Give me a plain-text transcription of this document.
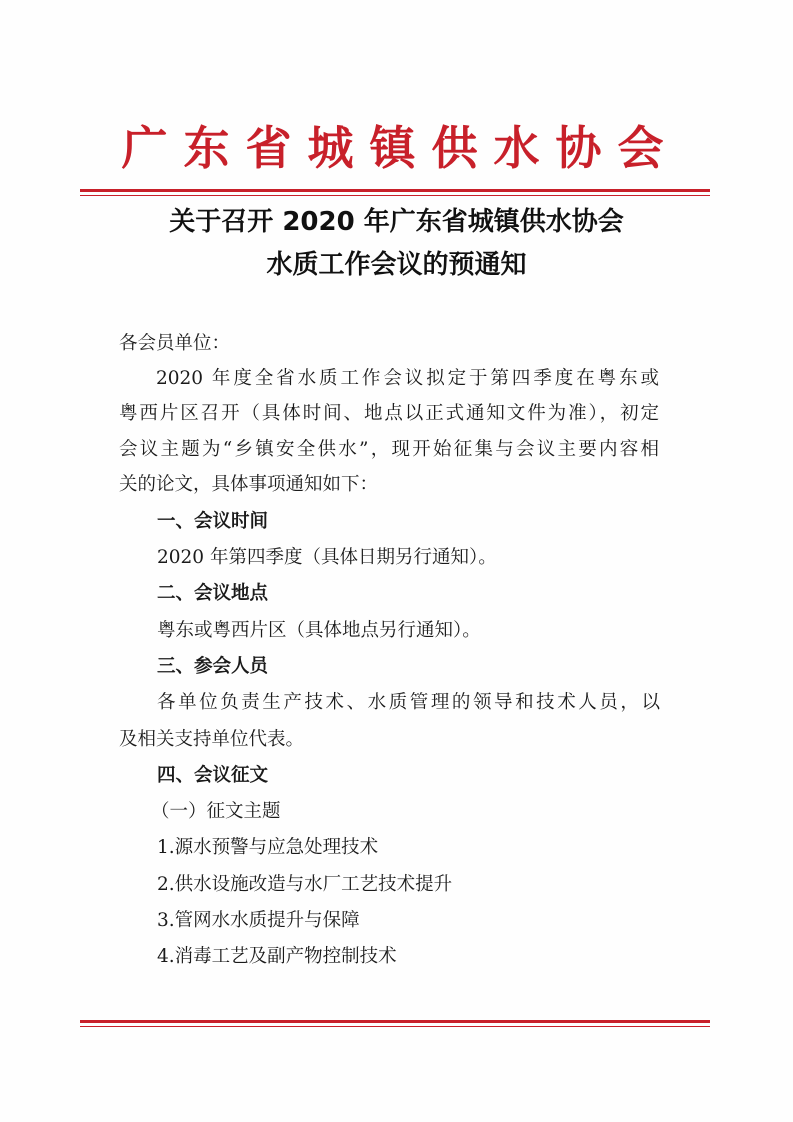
广东省城镇供水协会
关于召开 2020 年广东省城镇供水协会
水质工作会议的预通知
各会员单位：
2020 年度全省水质工作会议拟定于第四季度在粤东或
粤西片区召开（具体时间、地点以正式通知文件为准），初定
会议主题为“乡镇安全供水”，现开始征集与会议主要内容相
关的论文，具体事项通知如下：
一、会议时间
2020 年第四季度（具体日期另行通知）。
二、会议地点
粤东或粤西片区（具体地点另行通知）。
三、参会人员
各单位负责生产技术、水质管理的领导和技术人员，以
及相关支持单位代表。
四、会议征文
（一）征文主题
1.源水预警与应急处理技术
2.供水设施改造与水厂工艺技术提升
3.管网水水质提升与保障
4.消毒工艺及副产物控制技术
